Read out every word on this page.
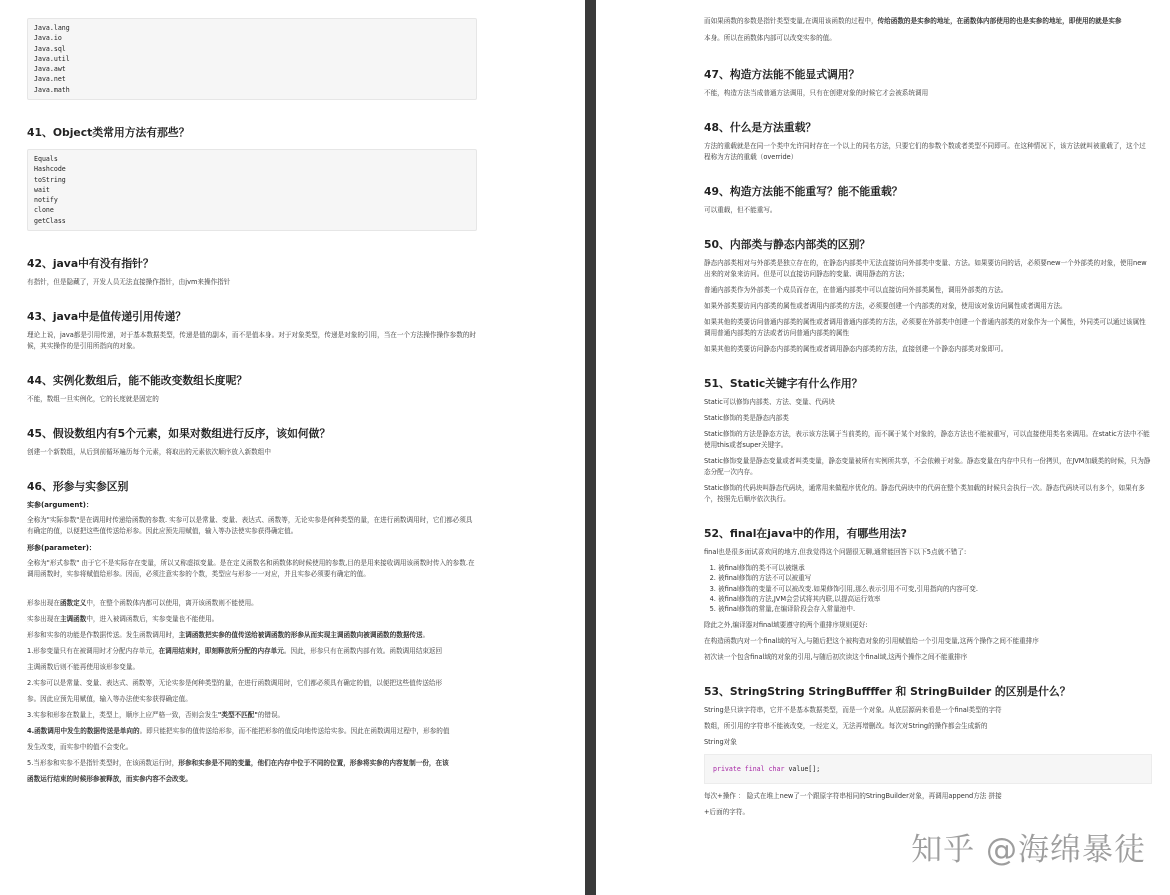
Java.lang
Java.io
Java.sql
Java.util
Java.awt
Java.net
Java.math
41、Object类常用方法有那些？
Equals
Hashcode
toString
wait
notify
clone
getClass
42、java中有没有指针？

有指针，但是隐藏了，开发人员无法直接操作指针，由jvm来操作指针

43、java中是值传递引用传递？

理论上说，java都是引用传递，对于基本数据类型，传递是值的副本，而不是值本身。对于对象类型，传递是对象的引用，当在一个方法操作操作参数的时候，其实操作的是引用所指向的对象。

44、实例化数组后，能不能改变数组长度呢？

不能，数组一旦实例化，它的长度就是固定的

45、假设数组内有5个元素，如果对数组进行反序，该如何做？

创建一个新数组，从后到前循环遍历每个元素，将取出的元素依次顺序放入新数组中

46、形参与实参区别

实参(argument)：

全称为"实际参数"是在调用时传递给函数的参数. 实参可以是常量、变量、表达式、函数等，无论实参是何种类型的量，在进行函数调用时，它们都必须具有确定的值，以便把这些值传送给形参。因此应预先用赋值，输入等办法使实参获得确定值。

形参(parameter)：

全称为"形式参数" 由于它不是实际存在变量，所以又称虚拟变量。是在定义函数名和函数体的时候使用的参数,目的是用来接收调用该函数时传入的参数.在调用函数时，实参将赋值给形参。因而，必须注意实参的个数，类型应与形参一一对应，并且实参必须要有确定的值。

形参出现在函数定义中，在整个函数体内都可以使用，离开该函数则不能使用。

实参出现在主调函数中，进入被调函数后，实参变量也不能使用。

形参和实参的功能是作数据传送。发生函数调用时，主调函数把实参的值传送给被调函数的形参从而实现主调函数向被调函数的数据传送。

1.形参变量只有在被调用时才分配内存单元，在调用结束时，即刻释放所分配的内存单元。因此，形参只有在函数内部有效。函数调用结束返回

主调函数后则不能再使用该形参变量。

2.实参可以是常量、变量、表达式、函数等，无论实参是何种类型的量，在进行函数调用时，它们都必须具有确定的值，以便把这些值传送给形

参。因此应预先用赋值，输入等办法使实参获得确定值。

3.实参和形参在数量上，类型上，顺序上应严格一致，否则会发生"类型不匹配"的错误。

4.函数调用中发生的数据传送是单向的。即只能把实参的值传送给形参，而不能把形参的值反向地传送给实参。因此在函数调用过程中，形参的值

发生改变，而实参中的值不会变化。

5.当形参和实参不是指针类型时，在该函数运行时，形参和实参是不同的变量，他们在内存中位于不同的位置，形参将实参的内容复制一份，在该

函数运行结束的时候形参被释放，而实参内容不会改变。

而如果函数的参数是指针类型变量,在调用该函数的过程中，传给函数的是实参的地址，在函数体内部使用的也是实参的地址，即使用的就是实参

本身。所以在函数体内部可以改变实参的值。

47、构造方法能不能显式调用？

不能，构造方法当成普通方法调用，只有在创建对象的时候它才会被系统调用

48、什么是方法重载？

方法的重载就是在同一个类中允许同时存在一个以上的同名方法，只要它们的参数个数或者类型不同即可。在这种情况下，该方法就叫被重载了，这个过程称为方法的重载（override）

49、构造方法能不能重写？能不能重载？

可以重载，但不能重写。

50、内部类与静态内部类的区别？

静态内部类相对与外部类是独立存在的，在静态内部类中无法直接访问外部类中变量、方法。如果要访问的话，必须要new一个外部类的对象，使用new出来的对象来访问。但是可以直接访问静态的变量、调用静态的方法；

普通内部类作为外部类一个成员而存在，在普通内部类中可以直接访问外部类属性，调用外部类的方法。

如果外部类要访问内部类的属性或者调用内部类的方法，必须要创建一个内部类的对象，使用该对象访问属性或者调用方法。

如果其他的类要访问普通内部类的属性或者调用普通内部类的方法，必须要在外部类中创建一个普通内部类的对象作为一个属性，外同类可以通过该属性调用普通内部类的方法或者访问普通内部类的属性

如果其他的类要访问静态内部类的属性或者调用静态内部类的方法，直接创建一个静态内部类对象即可。

51、Static关键字有什么作用？

Static可以修饰内部类、方法、变量、代码块

Static修饰的类是静态内部类

Static修饰的方法是静态方法，表示该方法属于当前类的，而不属于某个对象的，静态方法也不能被重写，可以直接使用类名来调用。在static方法中不能使用this或者super关键字。

Static修饰变量是静态变量或者叫类变量，静态变量被所有实例所共享，不会依赖于对象。静态变量在内存中只有一份拷贝，在JVM加载类的时候，只为静态分配一次内存。

Static修饰的代码块叫静态代码块，通常用来做程序优化的。静态代码块中的代码在整个类加载的时候只会执行一次。静态代码块可以有多个，如果有多个，按照先后顺序依次执行。

52、final在java中的作用，有哪些用法?

final也是很多面试喜欢问的地方,但我觉得这个问题很无聊,通常能回答下以下5点就不错了:

1. 被final修饰的类不可以被继承
2. 被final修饰的方法不可以被重写
3. 被final修饰的变量不可以被改变.如果修饰引用,那么表示引用不可变,引用指向的内容可变.
4. 被final修饰的方法,JVM会尝试将其内联,以提高运行效率
5. 被final修饰的常量,在编译阶段会存入常量池中.

除此之外,编译器对final域要遵守的两个重排序规则更好:

在构造函数内对一个final域的写入,与随后把这个被构造对象的引用赋值给一个引用变量,这两个操作之间不能重排序

初次读一个包含final域的对象的引用,与随后初次读这个final域,这两个操作之间不能重排序

53、StringString StringBuffffer 和 StringBuilder 的区别是什么？

String是只读字符串，它并不是基本数据类型，而是一个对象。从底层源码来看是一个final类型的字符

数组，所引用的字符串不能被改变，一经定义，无法再增删改。每次对String的操作都会生成新的

String对象

private final char value[];

每次+操作 ： 隐式在堆上new了一个跟原字符串相同的StringBuilder对象，再调用append方法 拼接

+后面的字符。

知乎 @海绵暴徒
